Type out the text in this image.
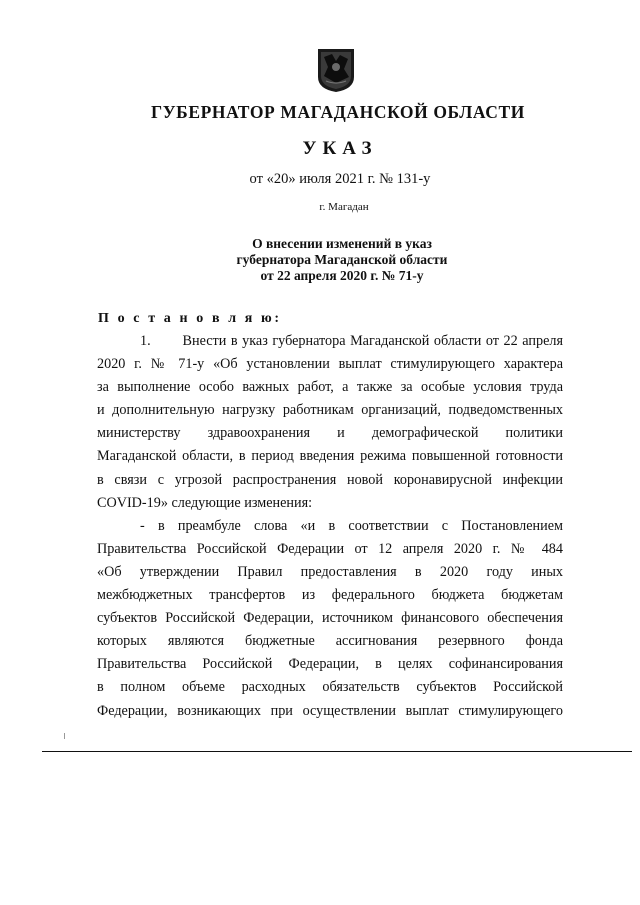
ГУБЕРНАТОР МАГАДАНСКОЙ ОБЛАСТИ
УКАЗ
от «20» июля 2021 г. № 131-у
г. Магадан
О внесении изменений в указ
губернатора Магаданской области
от 22 апреля 2020 г. № 71-у
П о с т а н о в л я ю:
1.       Внести в указ губернатора Магаданской области от 22 апреля
2020 г. № 71-у «Об установлении выплат стимулирующего характера
за выполнение особо важных работ, а также за особые условия труда
и дополнительную нагрузку работникам организаций, подведомственных
министерству здравоохранения и демографической политики
Магаданской области, в период введения режима повышенной готовности
в связи с угрозой распространения новой коронавирусной инфекции
COVID-19» следующие изменения:
- в преамбуле слова «и в соответствии с Постановлением
Правительства Российской Федерации от 12 апреля 2020 г. № 484
«Об утверждении Правил предоставления в 2020 году иных
межбюджетных трансфертов из федерального бюджета бюджетам
субъектов Российской Федерации, источником финансового обеспечения
которых являются бюджетные ассигнования резервного фонда
Правительства Российской Федерации, в целях софинансирования
в полном объеме расходных обязательств субъектов Российской
Федерации, возникающих при осуществлении выплат стимулирующего
